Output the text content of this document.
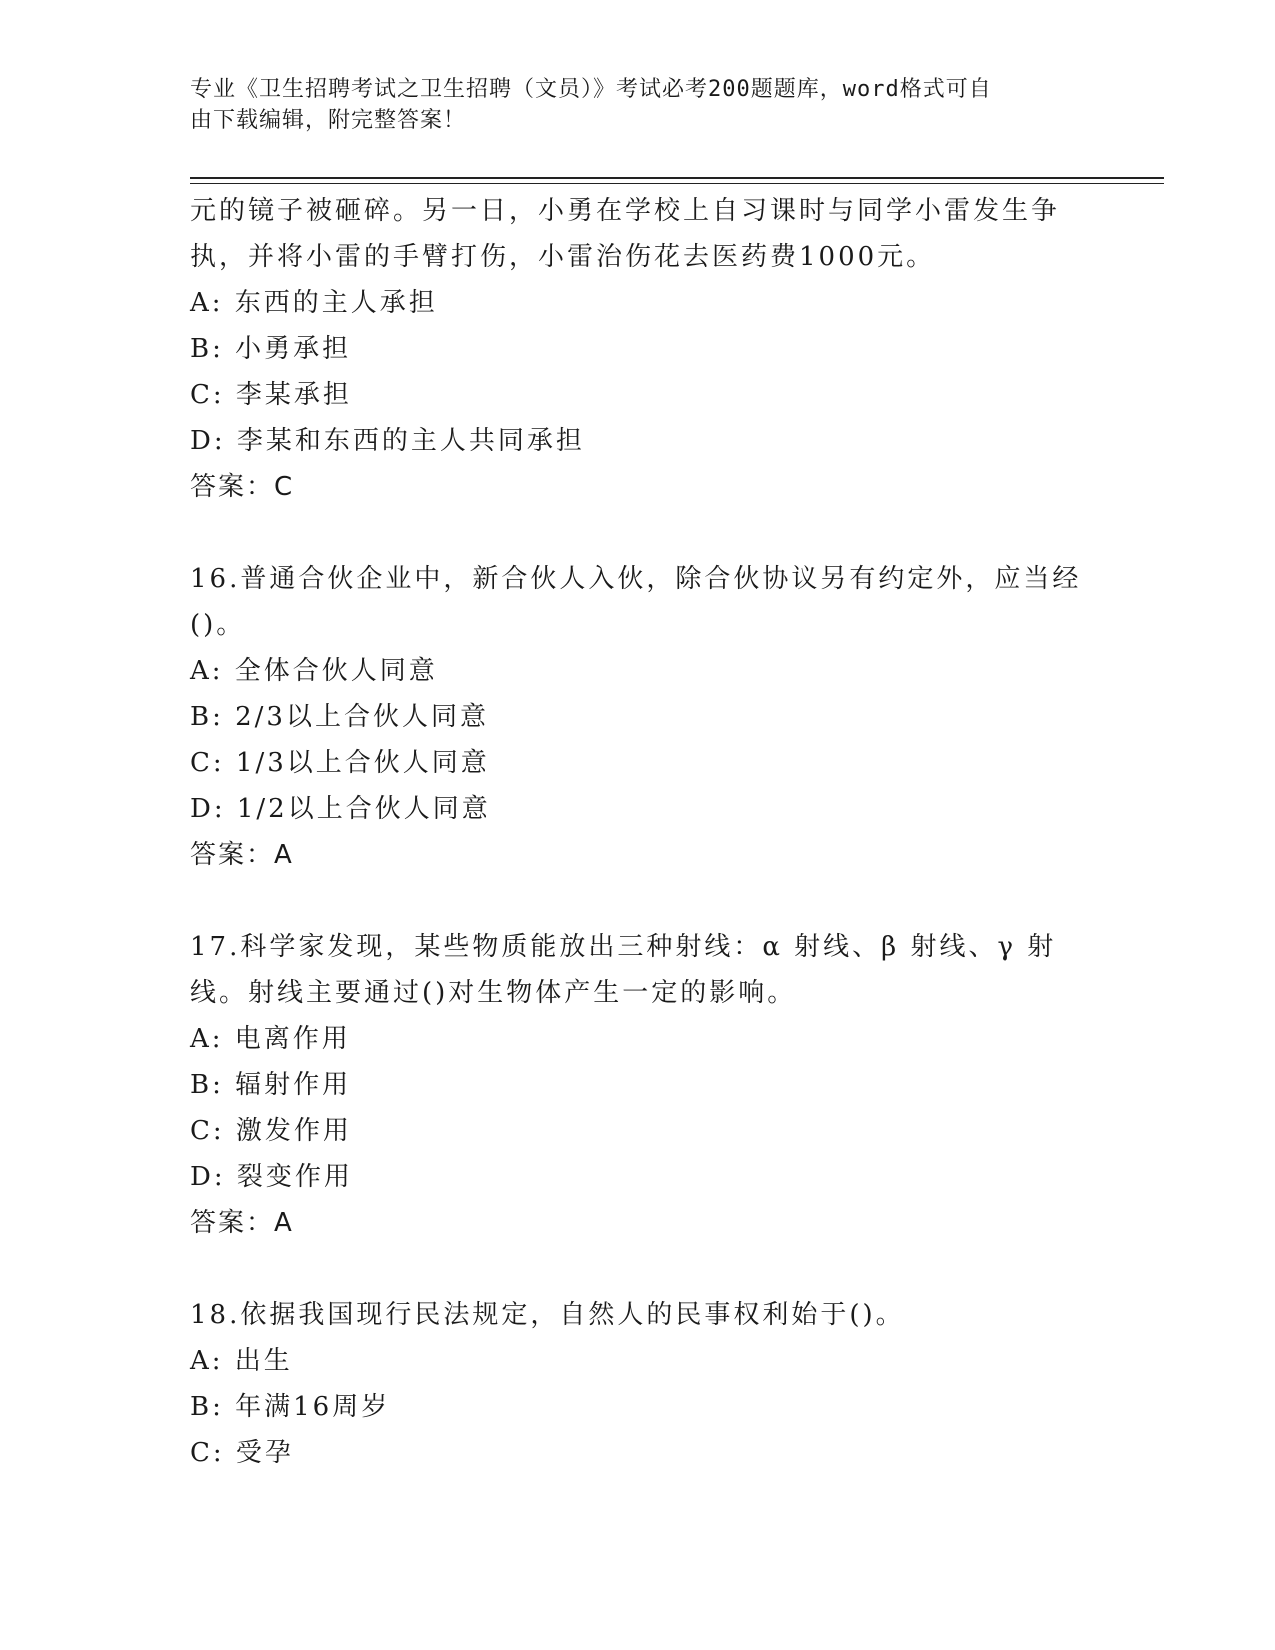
专业《卫生招聘考试之卫生招聘（文员）》考试必考200题题库，word格式可自
由下载编辑，附完整答案！
元的镜子被砸碎。另一日，小勇在学校上自习课时与同学小雷发生争
执，并将小雷的手臂打伤，小雷治伤花去医药费1000元。
A: 东西的主人承担
B: 小勇承担
C: 李某承担
D: 李某和东西的主人共同承担
答案：C
16.普通合伙企业中，新合伙人入伙，除合伙协议另有约定外，应当经
()。
A: 全体合伙人同意
B: 2/3以上合伙人同意
C: 1/3以上合伙人同意
D: 1/2以上合伙人同意
答案：A
17.科学家发现，某些物质能放出三种射线：α 射线、β 射线、γ 射
线。射线主要通过()对生物体产生一定的影响。
A: 电离作用
B: 辐射作用
C: 激发作用
D: 裂变作用
答案：A
18.依据我国现行民法规定，自然人的民事权利始于()。
A: 出生
B: 年满16周岁
C: 受孕
